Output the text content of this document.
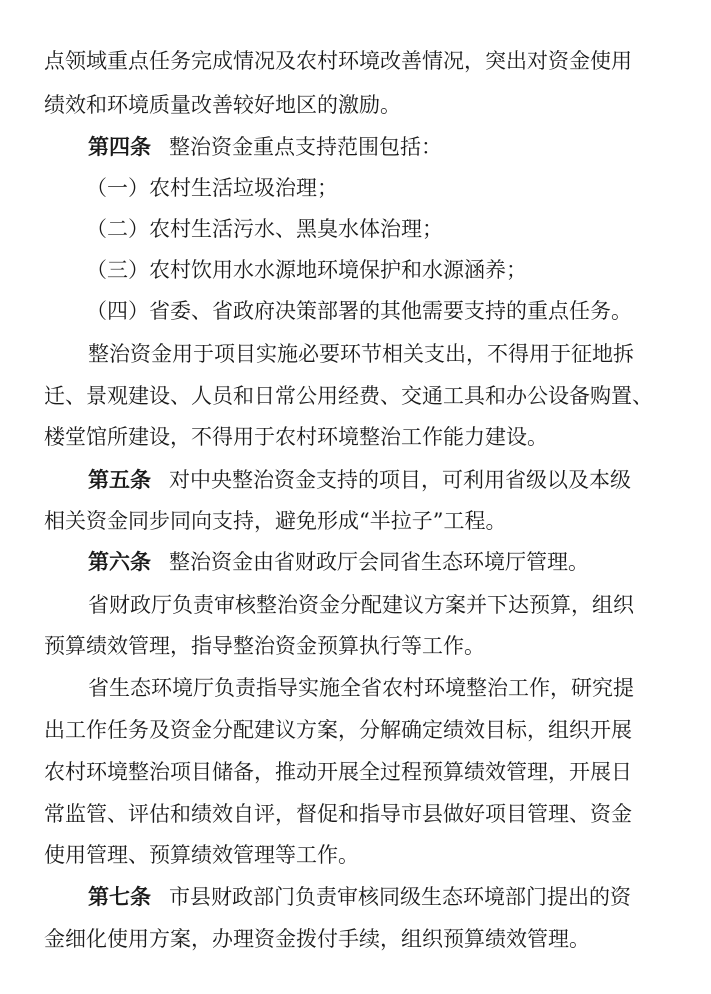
点领域重点任务完成情况及农村环境改善情况，突出对资金使用
绩效和环境质量改善较好地区的激励。
第四条 整治资金重点支持范围包括：
（一）农村生活垃圾治理；
（二）农村生活污水、黑臭水体治理；
（三）农村饮用水水源地环境保护和水源涵养；
（四）省委、省政府决策部署的其他需要支持的重点任务。
整治资金用于项目实施必要环节相关支出，不得用于征地拆
迁、景观建设、人员和日常公用经费、交通工具和办公设备购置、
楼堂馆所建设，不得用于农村环境整治工作能力建设。
第五条 对中央整治资金支持的项目，可利用省级以及本级
相关资金同步同向支持，避免形成“半拉子”工程。
第六条 整治资金由省财政厅会同省生态环境厅管理。
省财政厅负责审核整治资金分配建议方案并下达预算，组织
预算绩效管理，指导整治资金预算执行等工作。
省生态环境厅负责指导实施全省农村环境整治工作，研究提
出工作任务及资金分配建议方案，分解确定绩效目标，组织开展
农村环境整治项目储备，推动开展全过程预算绩效管理，开展日
常监管、评估和绩效自评，督促和指导市县做好项目管理、资金
使用管理、预算绩效管理等工作。
第七条 市县财政部门负责审核同级生态环境部门提出的资
金细化使用方案，办理资金拨付手续，组织预算绩效管理。
